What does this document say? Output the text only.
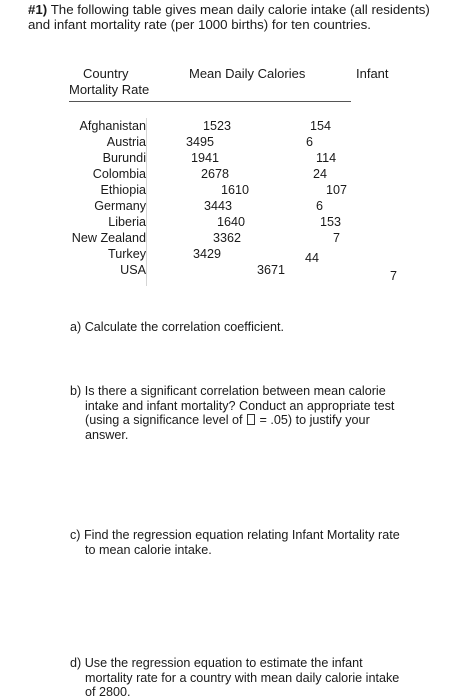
#1) The following table gives mean daily calorie intake (all residents) and infant mortality rate (per 1000 births) for ten countries.
Country	Mean Daily Calories	Infant
Mortality Rate
Afghanistan	1523	154
Austria	3495	6
Burundi	1941	114
Colombia	2678	24
Ethiopia	1610	107
Germany	3443	6
Liberia	1640	153
New Zealand	3362	7
Turkey	3429	44
USA	3671	7
a) Calculate the correlation coefficient.
b) Is there a significant correlation between mean calorie
intake and infant mortality? Conduct an appropriate test
(using a significance level of = .05) to justify your
answer.
c) Find the regression equation relating Infant Mortality rate
to mean calorie intake.
d) Use the regression equation to estimate the infant
mortality rate for a country with mean daily calorie intake
of 2800.
